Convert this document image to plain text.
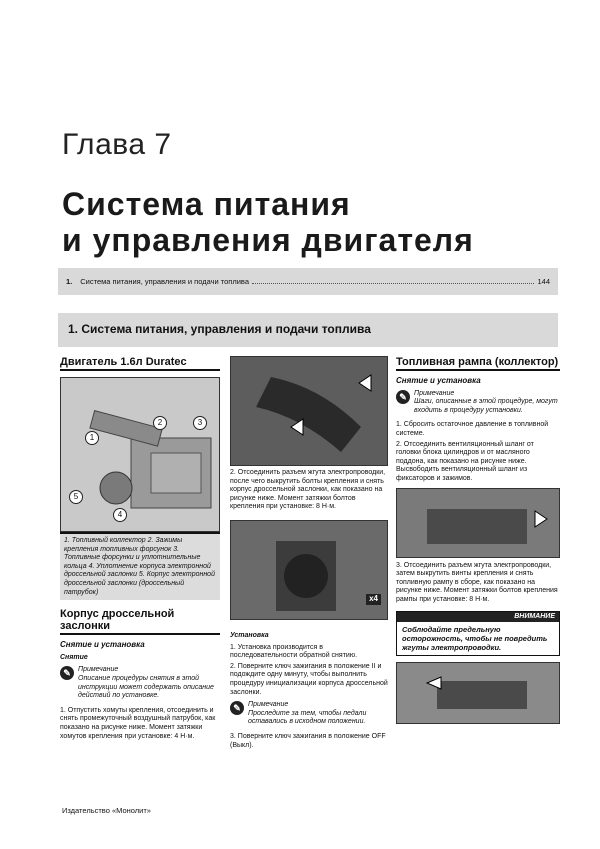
Глава 7
Система питания
и управления двигателя
1. Система питания, управления и подачи топлива	144
1. Система питания, управления и подачи топлива
Двигатель 1.6л Duratec
1
2	3
4
5
1. Топливный коллектор 2. Зажимы крепления топливных форсунок 3. Топливные форсунки и уплотнительные кольца 4. Уплотнение корпуса электронной дроссельной заслонки 5. Корпус электронной дроссельной заслонки (дроссельный патрубок)
Корпус дроссельной заслонки
Снятие и установка
Снятие
✎	Примечание
Описание процедуры снятия в этой инструкции может содержать описание действий по установке.

1. Отпустить хомуты крепления, отсоединить и снять промежуточный воздушный патрубок, как показано на рисунке ниже. Момент затяжки хомутов крепления при установке: 4 Н·м.

2. Отсоединить разъем жгута электропроводки, после чего выкрутить болты крепления и снять корпус дроссельной заслонки, как показано на рисунке ниже. Момент затяжки болтов крепления при установке: 8 Н·м.

x4
Установка

1. Установка производится в последовательности обратной снятию.

2. Поверните ключ зажигания в положение II и подождите одну минуту, чтобы выполнить процедуру инициализации корпуса дроссельной заслонки.

✎	Примечание
Проследите за тем, чтобы педали оставались в исходном положении.

3. Поверните ключ зажигания в положение OFF (Выкл).

Топливная рампа (коллектор)
Снятие и установка
✎	Примечание
Шаги, описанные в этой процедуре, могут входить в процедуру установки.

1. Сбросить остаточное давление в топливной системе.

2. Отсоединить вентиляционный шланг от головки блока цилиндров и от масляного поддона, как показано на рисунке ниже. Высвободить вентиляционный шланг из фиксаторов и зажимов.

3. Отсоединить разъем жгута электропроводки, затем выкрутить винты крепления и снять топливную рампу в сборе, как показано на рисунке ниже. Момент затяжки болтов крепления рампы при установке: 8 Н·м.

ВНИМАНИЕ
Соблюдайте предельную осторожность, чтобы не повредить жгуты электропроводки.
Издательство «Монолит»
